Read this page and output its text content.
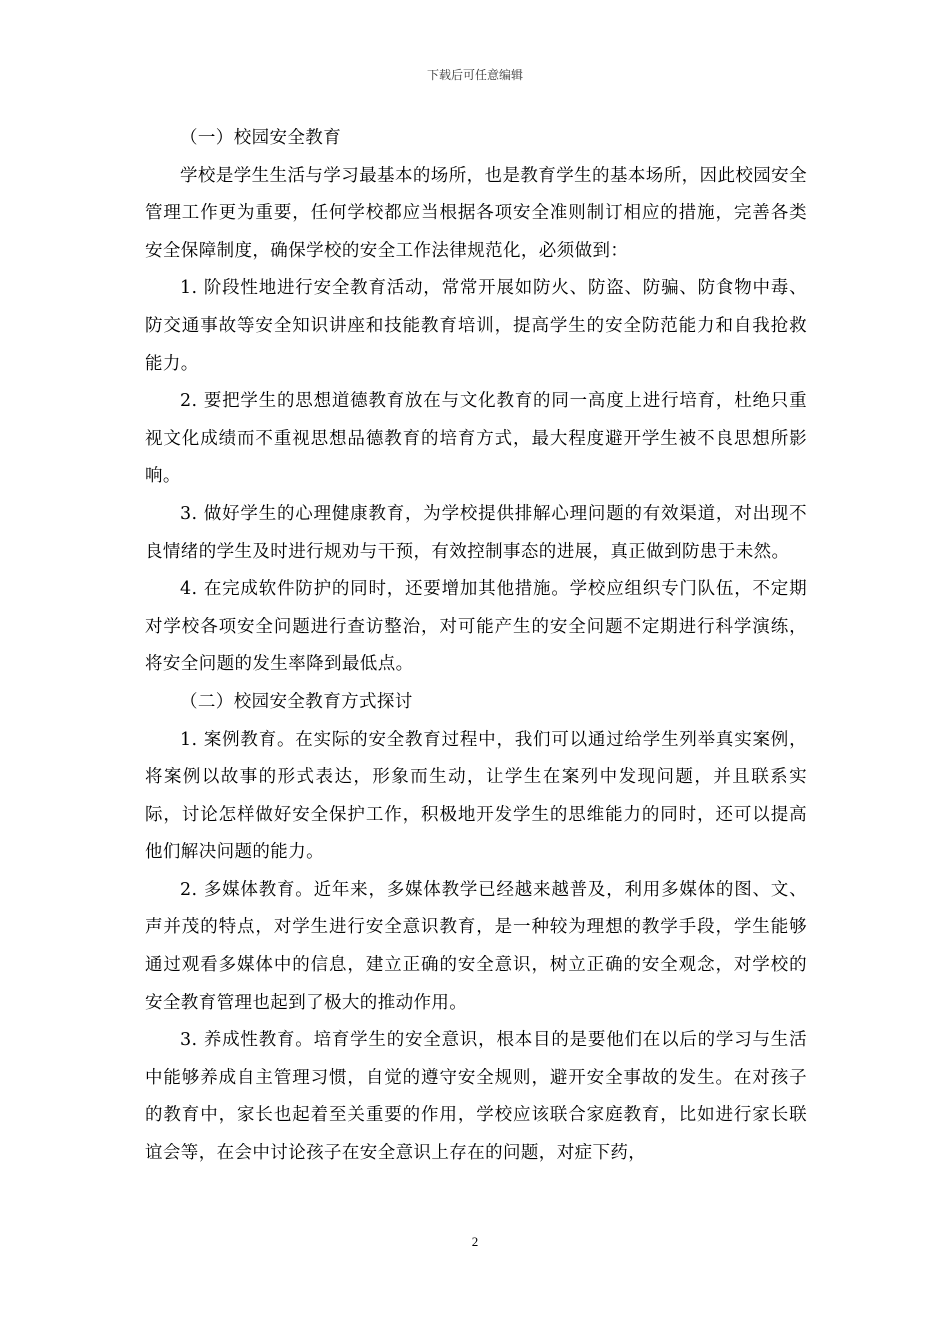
下载后可任意编辑

（一）校园安全教育

学校是学生生活与学习最基本的场所，也是教育学生的基本场所，因此校园安全管理工作更为重要，任何学校都应当根据各项安全准则制订相应的措施，完善各类安全保障制度，确保学校的安全工作法律规范化，必须做到：

1. 阶段性地进行安全教育活动，常常开展如防火、防盗、防骗、防食物中毒、防交通事故等安全知识讲座和技能教育培训，提高学生的安全防范能力和自我抢救能力。

2. 要把学生的思想道德教育放在与文化教育的同一高度上进行培育，杜绝只重视文化成绩而不重视思想品德教育的培育方式，最大程度避开学生被不良思想所影响。

3. 做好学生的心理健康教育，为学校提供排解心理问题的有效渠道，对出现不良情绪的学生及时进行规劝与干预，有效控制事态的进展，真正做到防患于未然。

4. 在完成软件防护的同时，还要增加其他措施。学校应组织专门队伍，不定期对学校各项安全问题进行查访整治，对可能产生的安全问题不定期进行科学演练，将安全问题的发生率降到最低点。

（二）校园安全教育方式探讨

1. 案例教育。在实际的安全教育过程中，我们可以通过给学生列举真实案例，将案例以故事的形式表达，形象而生动，让学生在案列中发现问题，并且联系实际，讨论怎样做好安全保护工作，积极地开发学生的思维能力的同时，还可以提高他们解决问题的能力。

2. 多媒体教育。近年来，多媒体教学已经越来越普及，利用多媒体的图、文、声并茂的特点，对学生进行安全意识教育，是一种较为理想的教学手段，学生能够通过观看多媒体中的信息，建立正确的安全意识，树立正确的安全观念，对学校的安全教育管理也起到了极大的推动作用。

3. 养成性教育。培育学生的安全意识，根本目的是要他们在以后的学习与生活中能够养成自主管理习惯，自觉的遵守安全规则，避开安全事故的发生。在对孩子的教育中，家长也起着至关重要的作用，学校应该联合家庭教育，比如进行家长联谊会等，在会中讨论孩子在安全意识上存在的问题，对症下药，

2
